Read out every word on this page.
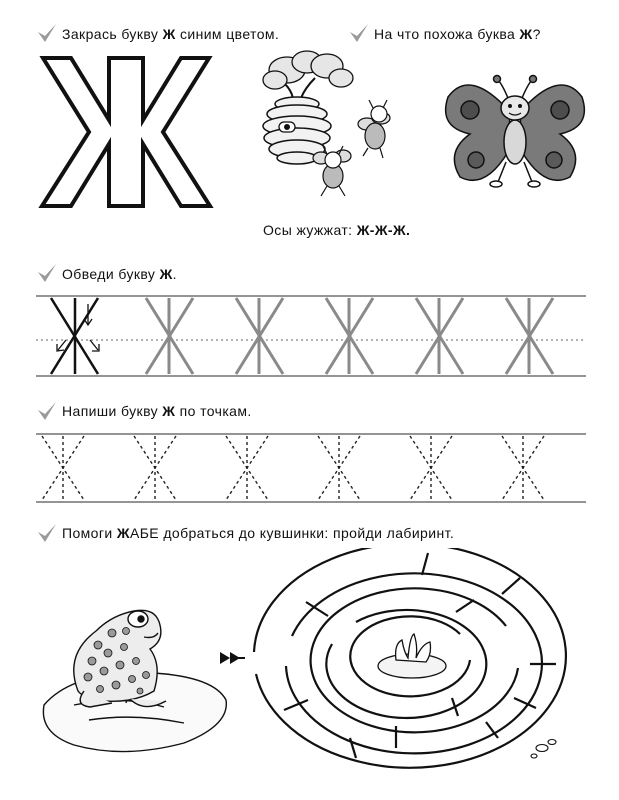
Закрась букву Ж синим цветом.	На что похожа буква Ж?
Обведи букву Ж.
Напиши букву Ж по точкам.
Помоги ЖАБЕ добраться до кувшинки: пройди лабиринт.
Осы жужжат: Ж-Ж-Ж.
